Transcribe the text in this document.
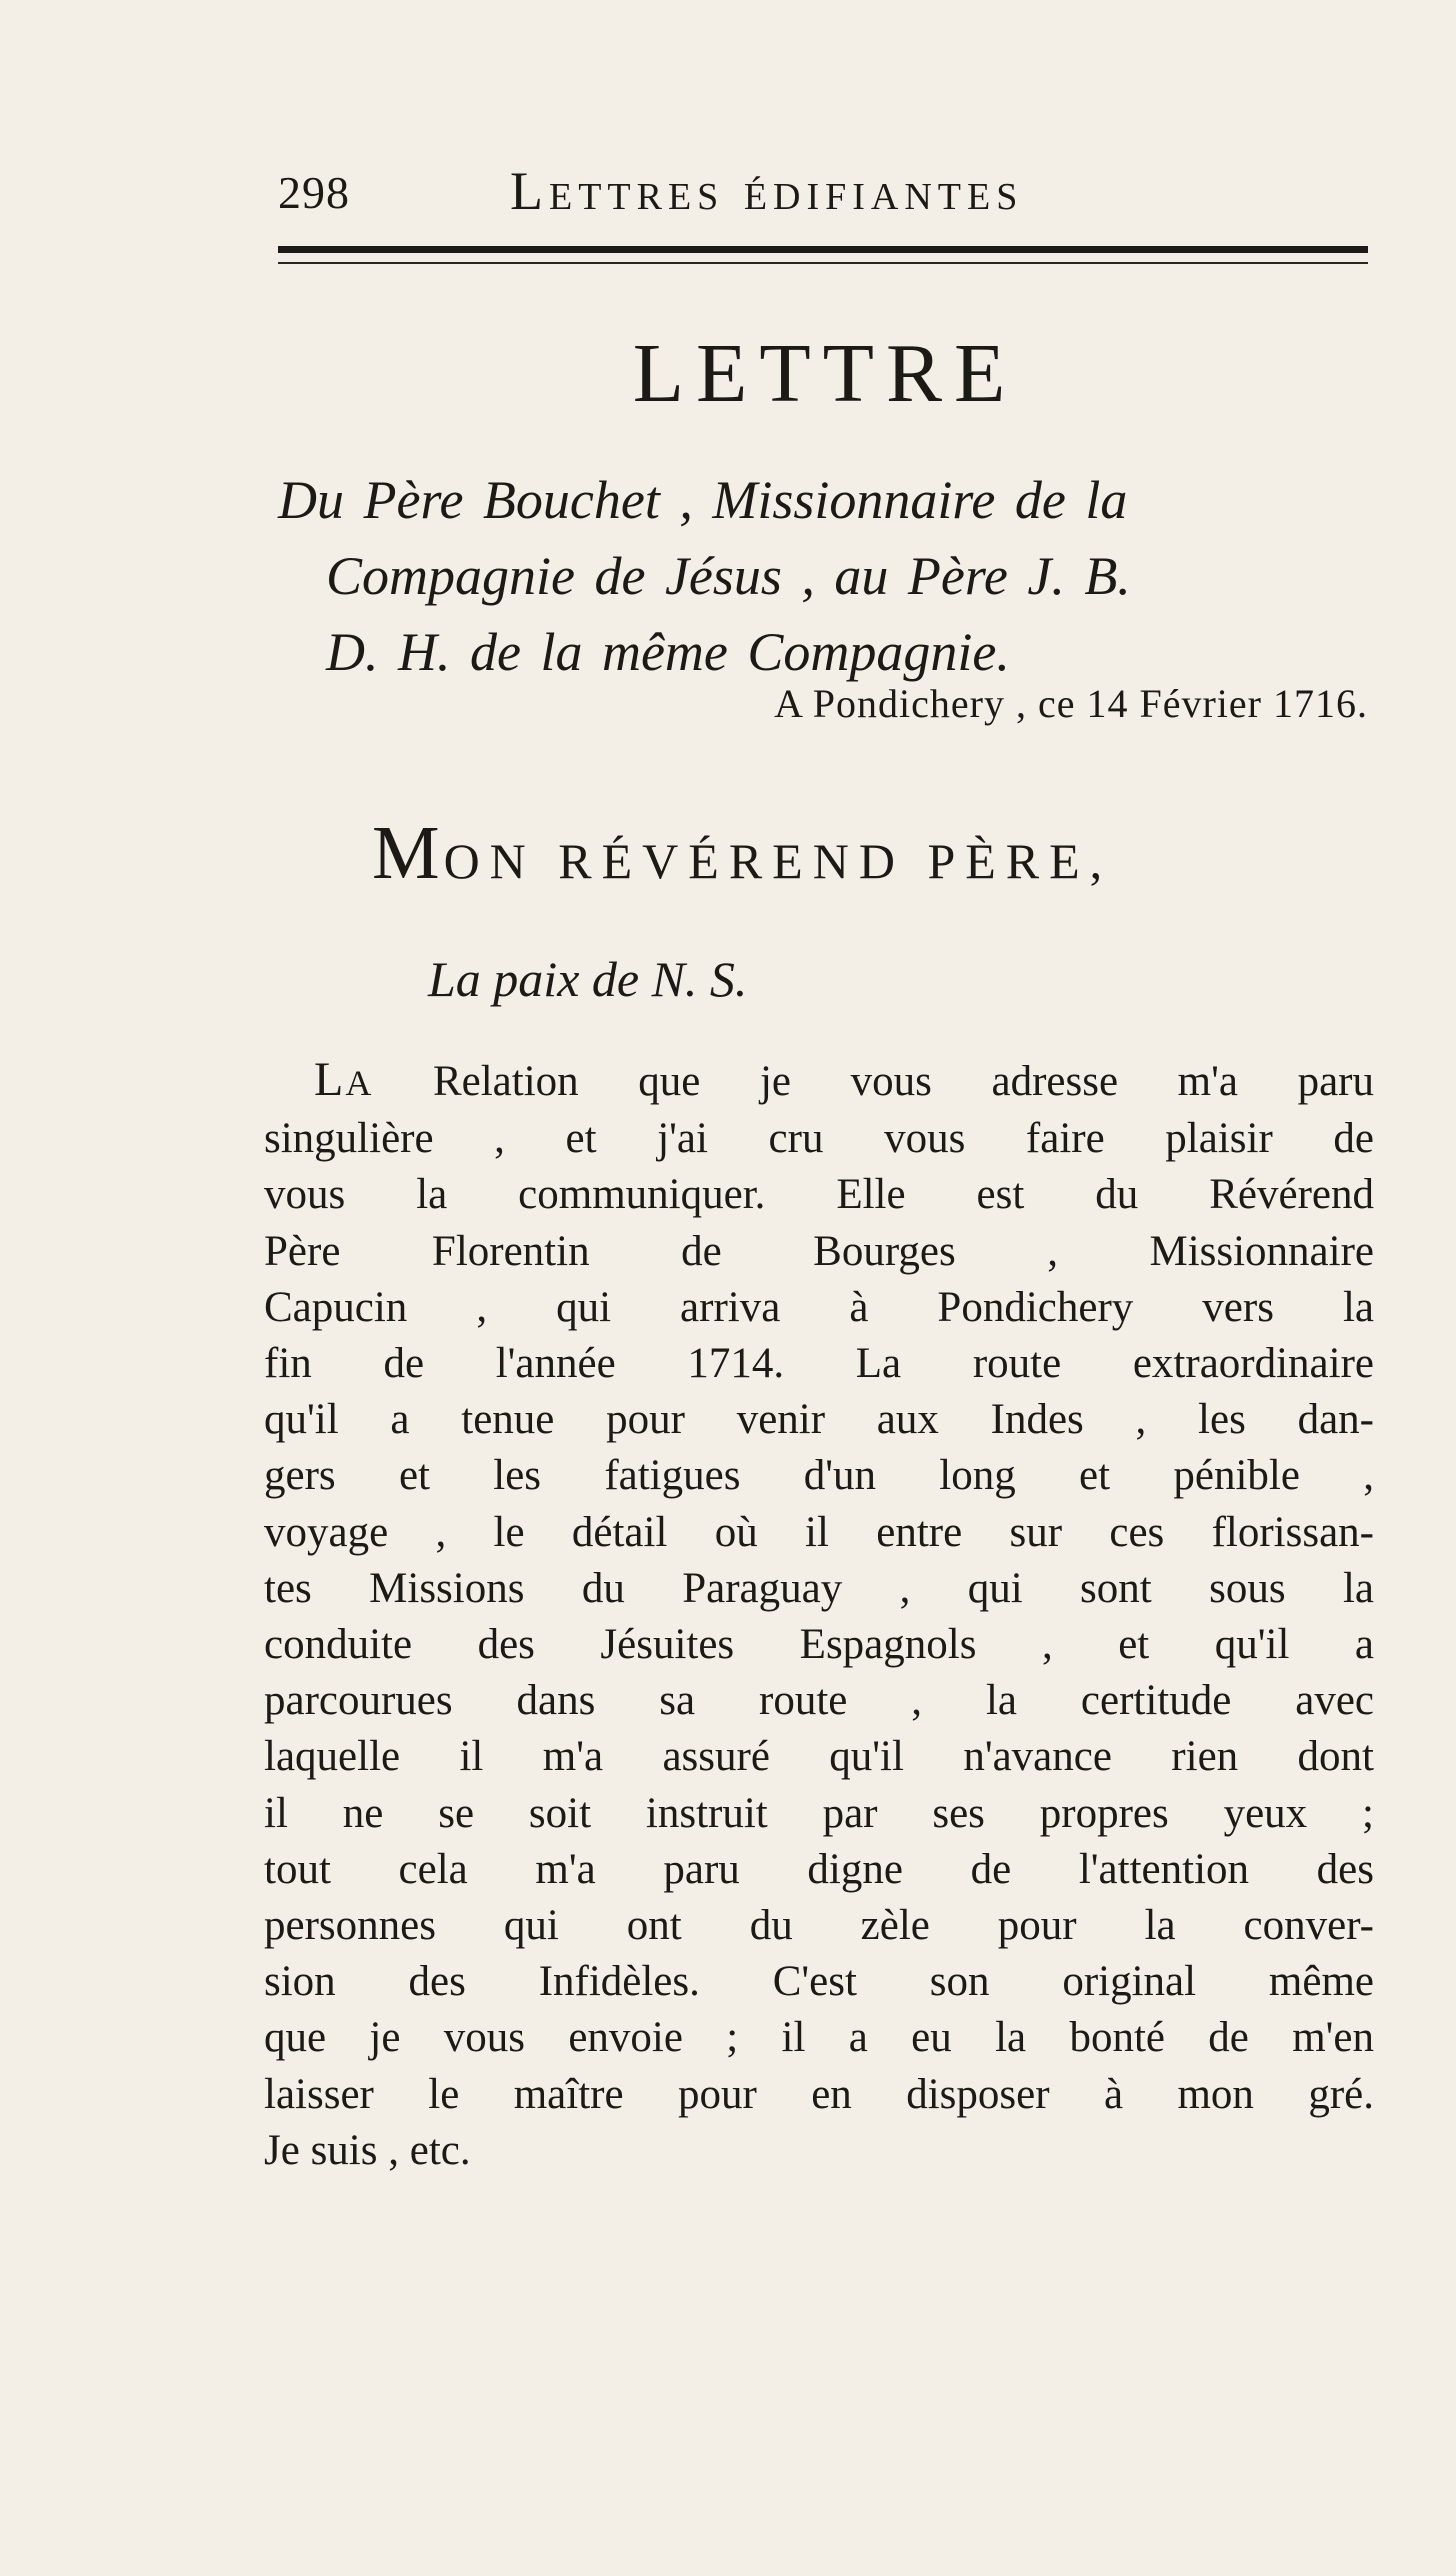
298	Lettres édifiantes
LETTRE
Du Père Bouchet , Missionnaire de la
Compagnie de Jésus , au Père J. B.
D. H. de la même Compagnie.
A Pondichery , ce 14 Février 1716.
MON RÉVÉREND PÈRE,
La paix de N. S.
LA Relation que je vous adresse m'a paru
singulière , et j'ai cru vous faire plaisir de
vous la communiquer. Elle est du Révérend
Père Florentin de Bourges , Missionnaire
Capucin , qui arriva à Pondichery vers la
fin de l'année 1714. La route extraordinaire
qu'il a tenue pour venir aux Indes , les dan-
gers et les fatigues d'un long et pénible ,
voyage , le détail où il entre sur ces florissan-
tes Missions du Paraguay , qui sont sous la
conduite des Jésuites Espagnols , et qu'il a
parcourues dans sa route , la certitude avec
laquelle il m'a assuré qu'il n'avance rien dont
il ne se soit instruit par ses propres yeux ;
tout cela m'a paru digne de l'attention des
personnes qui ont du zèle pour la conver-
sion des Infidèles. C'est son original même
que je vous envoie ; il a eu la bonté de m'en
laisser le maître pour en disposer à mon gré.
Je suis , etc.
